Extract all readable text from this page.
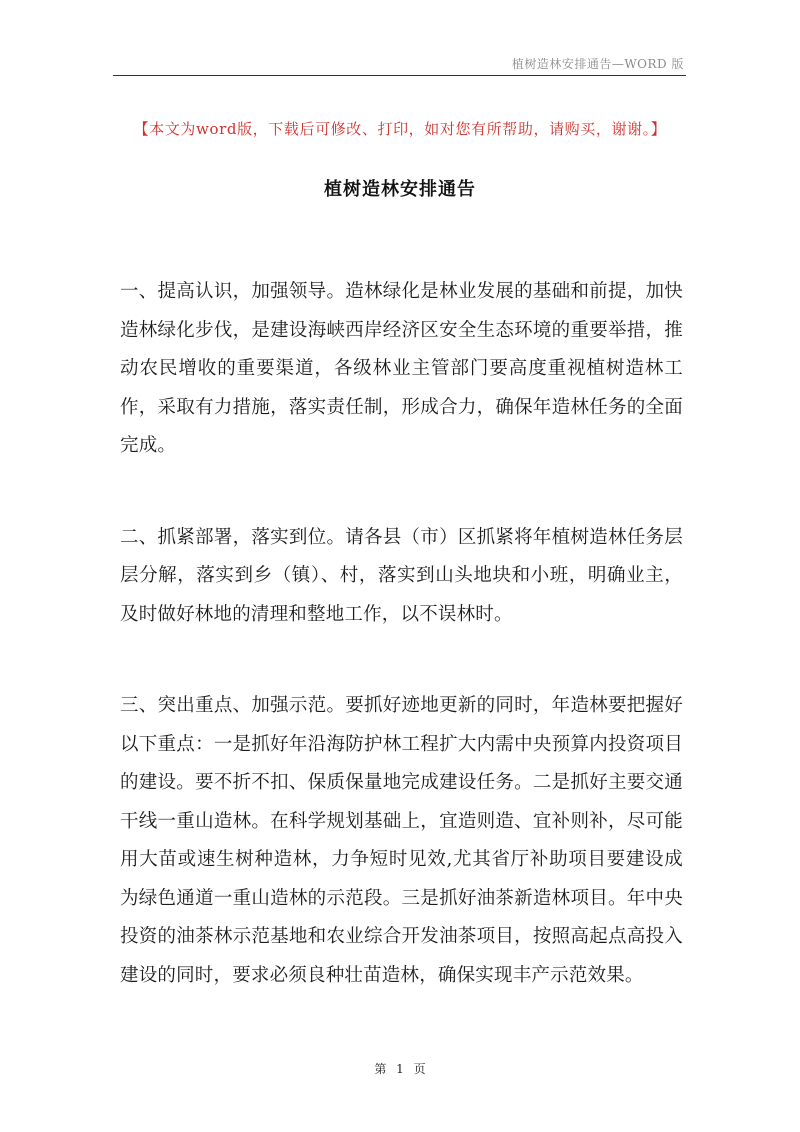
植树造林安排通告—WORD 版
【本文为word版，下载后可修改、打印，如对您有所帮助，请购买，谢谢。】
植树造林安排通告

一、提高认识，加强领导。造林绿化是林业发展的基础和前提，加快造林绿化步伐，是建设海峡西岸经济区安全生态环境的重要举措，推动农民增收的重要渠道，各级林业主管部门要高度重视植树造林工作，采取有力措施，落实责任制，形成合力，确保年造林任务的全面完成。

二、抓紧部署，落实到位。请各县（市）区抓紧将年植树造林任务层层分解，落实到乡（镇）、村，落实到山头地块和小班，明确业主，及时做好林地的清理和整地工作，以不误林时。

三、突出重点、加强示范。要抓好迹地更新的同时，年造林要把握好以下重点：一是抓好年沿海防护林工程扩大内需中央预算内投资项目的建设。要不折不扣、保质保量地完成建设任务。二是抓好主要交通干线一重山造林。在科学规划基础上，宜造则造、宜补则补，尽可能用大苗或速生树种造林，力争短时见效,尤其省厅补助项目要建设成为绿色通道一重山造林的示范段。三是抓好油茶新造林项目。年中央投资的油茶林示范基地和农业综合开发油茶项目，按照高起点高投入建设的同时，要求必须良种壮苗造林，确保实现丰产示范效果。

第 1 页
